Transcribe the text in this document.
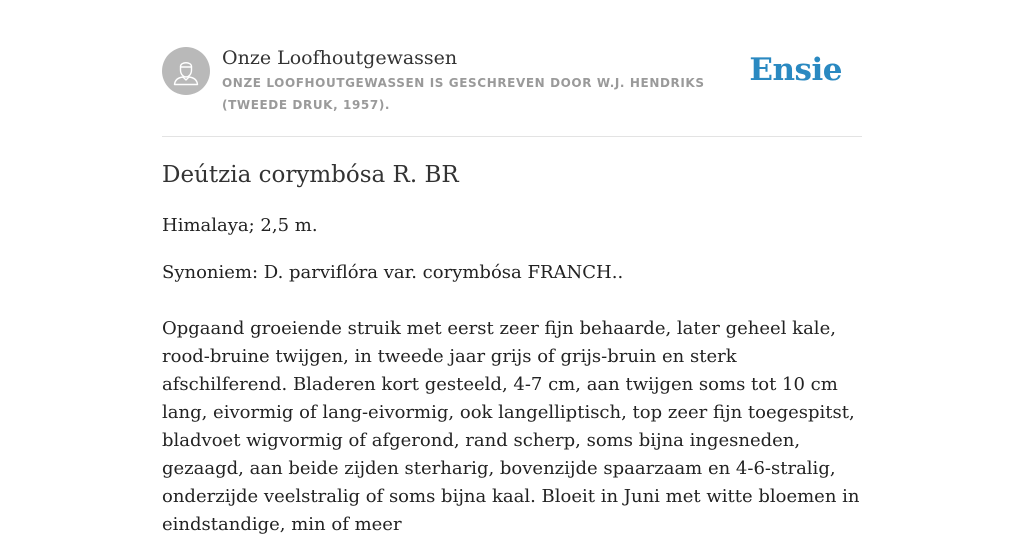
Onze Loofhoutgewassen
ONZE LOOFHOUTGEWASSEN IS GESCHREVEN DOOR W.J. HENDRIKS (TWEEDE DRUK, 1957).
Ensie
Deútzia corymbósa R. BR

Himalaya; 2,5 m.

Synoniem: D. parviflóra var. corymbósa FRANCH..

Opgaand groeiende struik met eerst zeer fijn behaarde, later geheel kale, rood-bruine twijgen, in tweede jaar grijs of grijs-bruin en sterk afschilferend. Bladeren kort gesteeld, 4-7 cm, aan twijgen soms tot 10 cm lang, eivormig of lang-eivormig, ook langelliptisch, top zeer fijn toegespitst, bladvoet wigvormig of afgerond, rand scherp, soms bijna ingesneden, gezaagd, aan beide zijden sterharig, bovenzijde spaarzaam en 4-6-stralig, onderzijde veelstralig of soms bijna kaal. Bloeit in Juni met witte bloemen in eindstandige, min of meer
